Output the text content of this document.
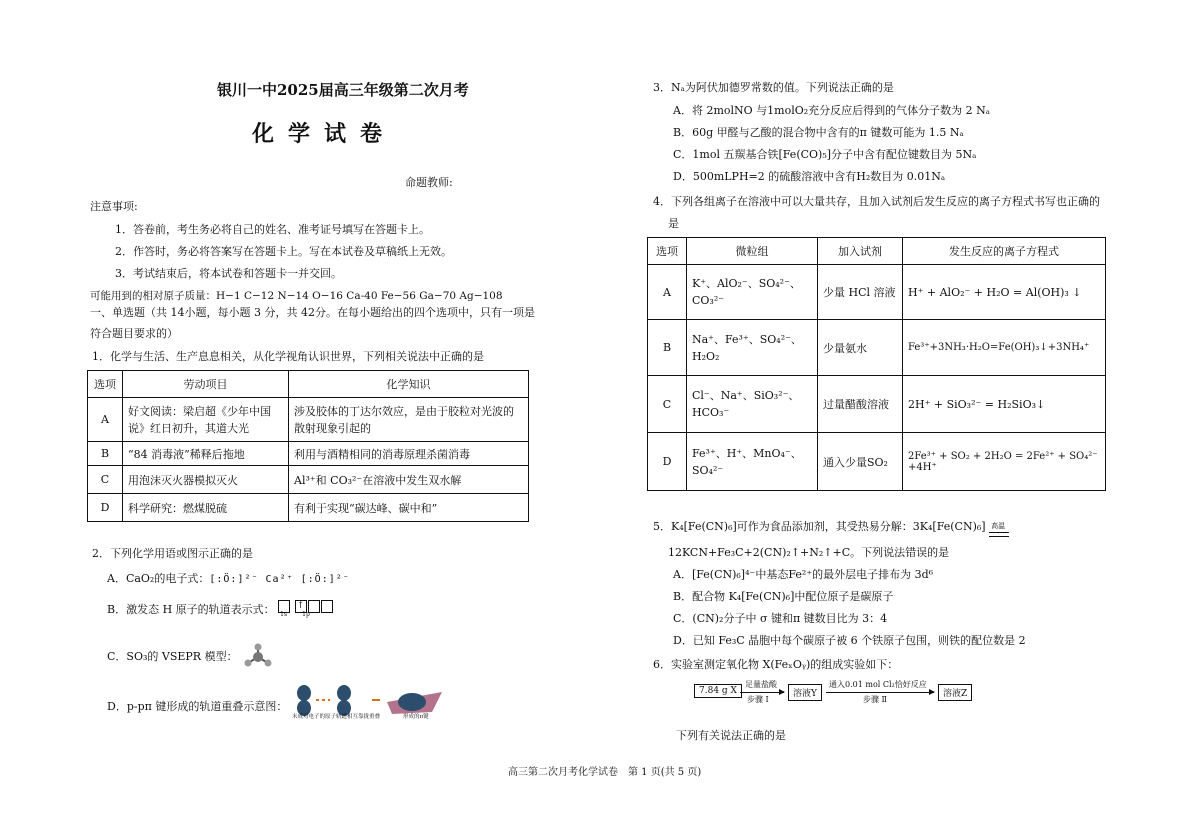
银川一中2025届高三年级第二次月考
化学试卷
命题教师:
注意事项:
1．答卷前，考生务必将自己的姓名、准考证号填写在答题卡上。
2．作答时，务必将答案写在答题卡上。写在本试卷及草稿纸上无效。
3．考试结束后，将本试卷和答题卡一并交回。
可能用到的相对原子质量：H−1 C−12 N−14 O−16 Ca-40 Fe−56 Ga−70 Ag−108
一、单选题（共 14小题，每小题 3 分，共 42分。在每小题给出的四个选项中，只有一项是
符合题目要求的）
1．化学与生活、生产息息相关，从化学视角认识世界，下列相关说法中正确的是
选项	劳动项目	化学知识
A	好文阅读：梁启超《少年中国说》红日初升，其道大光	涉及胶体的丁达尔效应，是由于胶粒对光波的散射现象引起的
B	“84 消毒液”稀释后拖地	利用与酒精相同的消毒原理杀菌消毒
C	用泡沫灭火器模拟灭火	Al³⁺和 CO₃²⁻在溶液中发生双水解
D	科学研究：燃煤脱硫	有利于实现“碳达峰、碳中和”
2．下列化学用语或图示正确的是
A．CaO₂的电子式：[:Ö:]²⁻ Ca²⁺ [:Ö:]²⁻
B．激发态 H 原子的轨道表示式： ↑
1s	1p
C．SO₃的 VSEPR 模型：
D．p-pπ 键形成的轨道重叠示意图：
未成对电子的原子轨道相互靠拢重叠	形成的π键
3．Nₐ为阿伏加德罗常数的值。下列说法正确的是
A．将 2molNO 与1molO₂充分反应后得到的气体分子数为 2 Nₐ
B．60g 甲醛与乙酸的混合物中含有的π 键数可能为 1.5 Nₐ
C．1mol 五羰基合铁[Fe(CO)₅]分子中含有配位键数目为 5Nₐ
D．500mLPH=2 的硫酸溶液中含有H₂数目为 0.01Nₐ
4．下列各组离子在溶液中可以大量共存，且加入试剂后发生反应的离子方程式书写也正确的
是
选项	微粒组	加入试剂	发生反应的离子方程式
A	K⁺、AlO₂⁻、SO₄²⁻、CO₃²⁻	少量 HCl 溶液	H⁺ + AlO₂⁻ + H₂O = Al(OH)₃ ↓
B	Na⁺、Fe³⁺、SO₄²⁻、H₂O₂	少量氨水	Fe³⁺+3NH₃·H₂O=Fe(OH)₃↓+3NH₄⁺
C	Cl⁻、Na⁺、SiO₃²⁻、HCO₃⁻	过量醋酸溶液	2H⁺ + SiO₃²⁻ = H₂SiO₃↓
D	Fe³⁺、H⁺、MnO₄⁻、SO₄²⁻	通入少量SO₂	2Fe³⁺ + SO₂ + 2H₂O = 2Fe²⁺ + SO₄²⁻ +4H⁺
5．K₄[Fe(CN)₆]可作为食品添加剂，其受热易分解：3K₄[Fe(CN)₆] 高温
12KCN+Fe₃C+2(CN)₂↑+N₂↑+C。下列说法错误的是
A．[Fe(CN)₆]⁴⁻中基态Fe²⁺的最外层电子排布为 3d⁶
B．配合物 K₄[Fe(CN)₆]中配位原子是碳原子
C．(CN)₂分子中 σ 键和π 键数目比为 3：4
D．已知 Fe₃C 晶胞中每个碳原子被 6 个铁原子包围，则铁的配位数是 2
6．实验室测定氧化物 X(FeₓOᵧ)的组成实验如下：
7.84 g X
足量盐酸
步骤 Ⅰ
溶液Y
通入0.01 mol Cl₂恰好反应
步骤 Ⅱ
溶液Z
下列有关说法正确的是
高三第二次月考化学试卷　第 1 页(共 5 页)
